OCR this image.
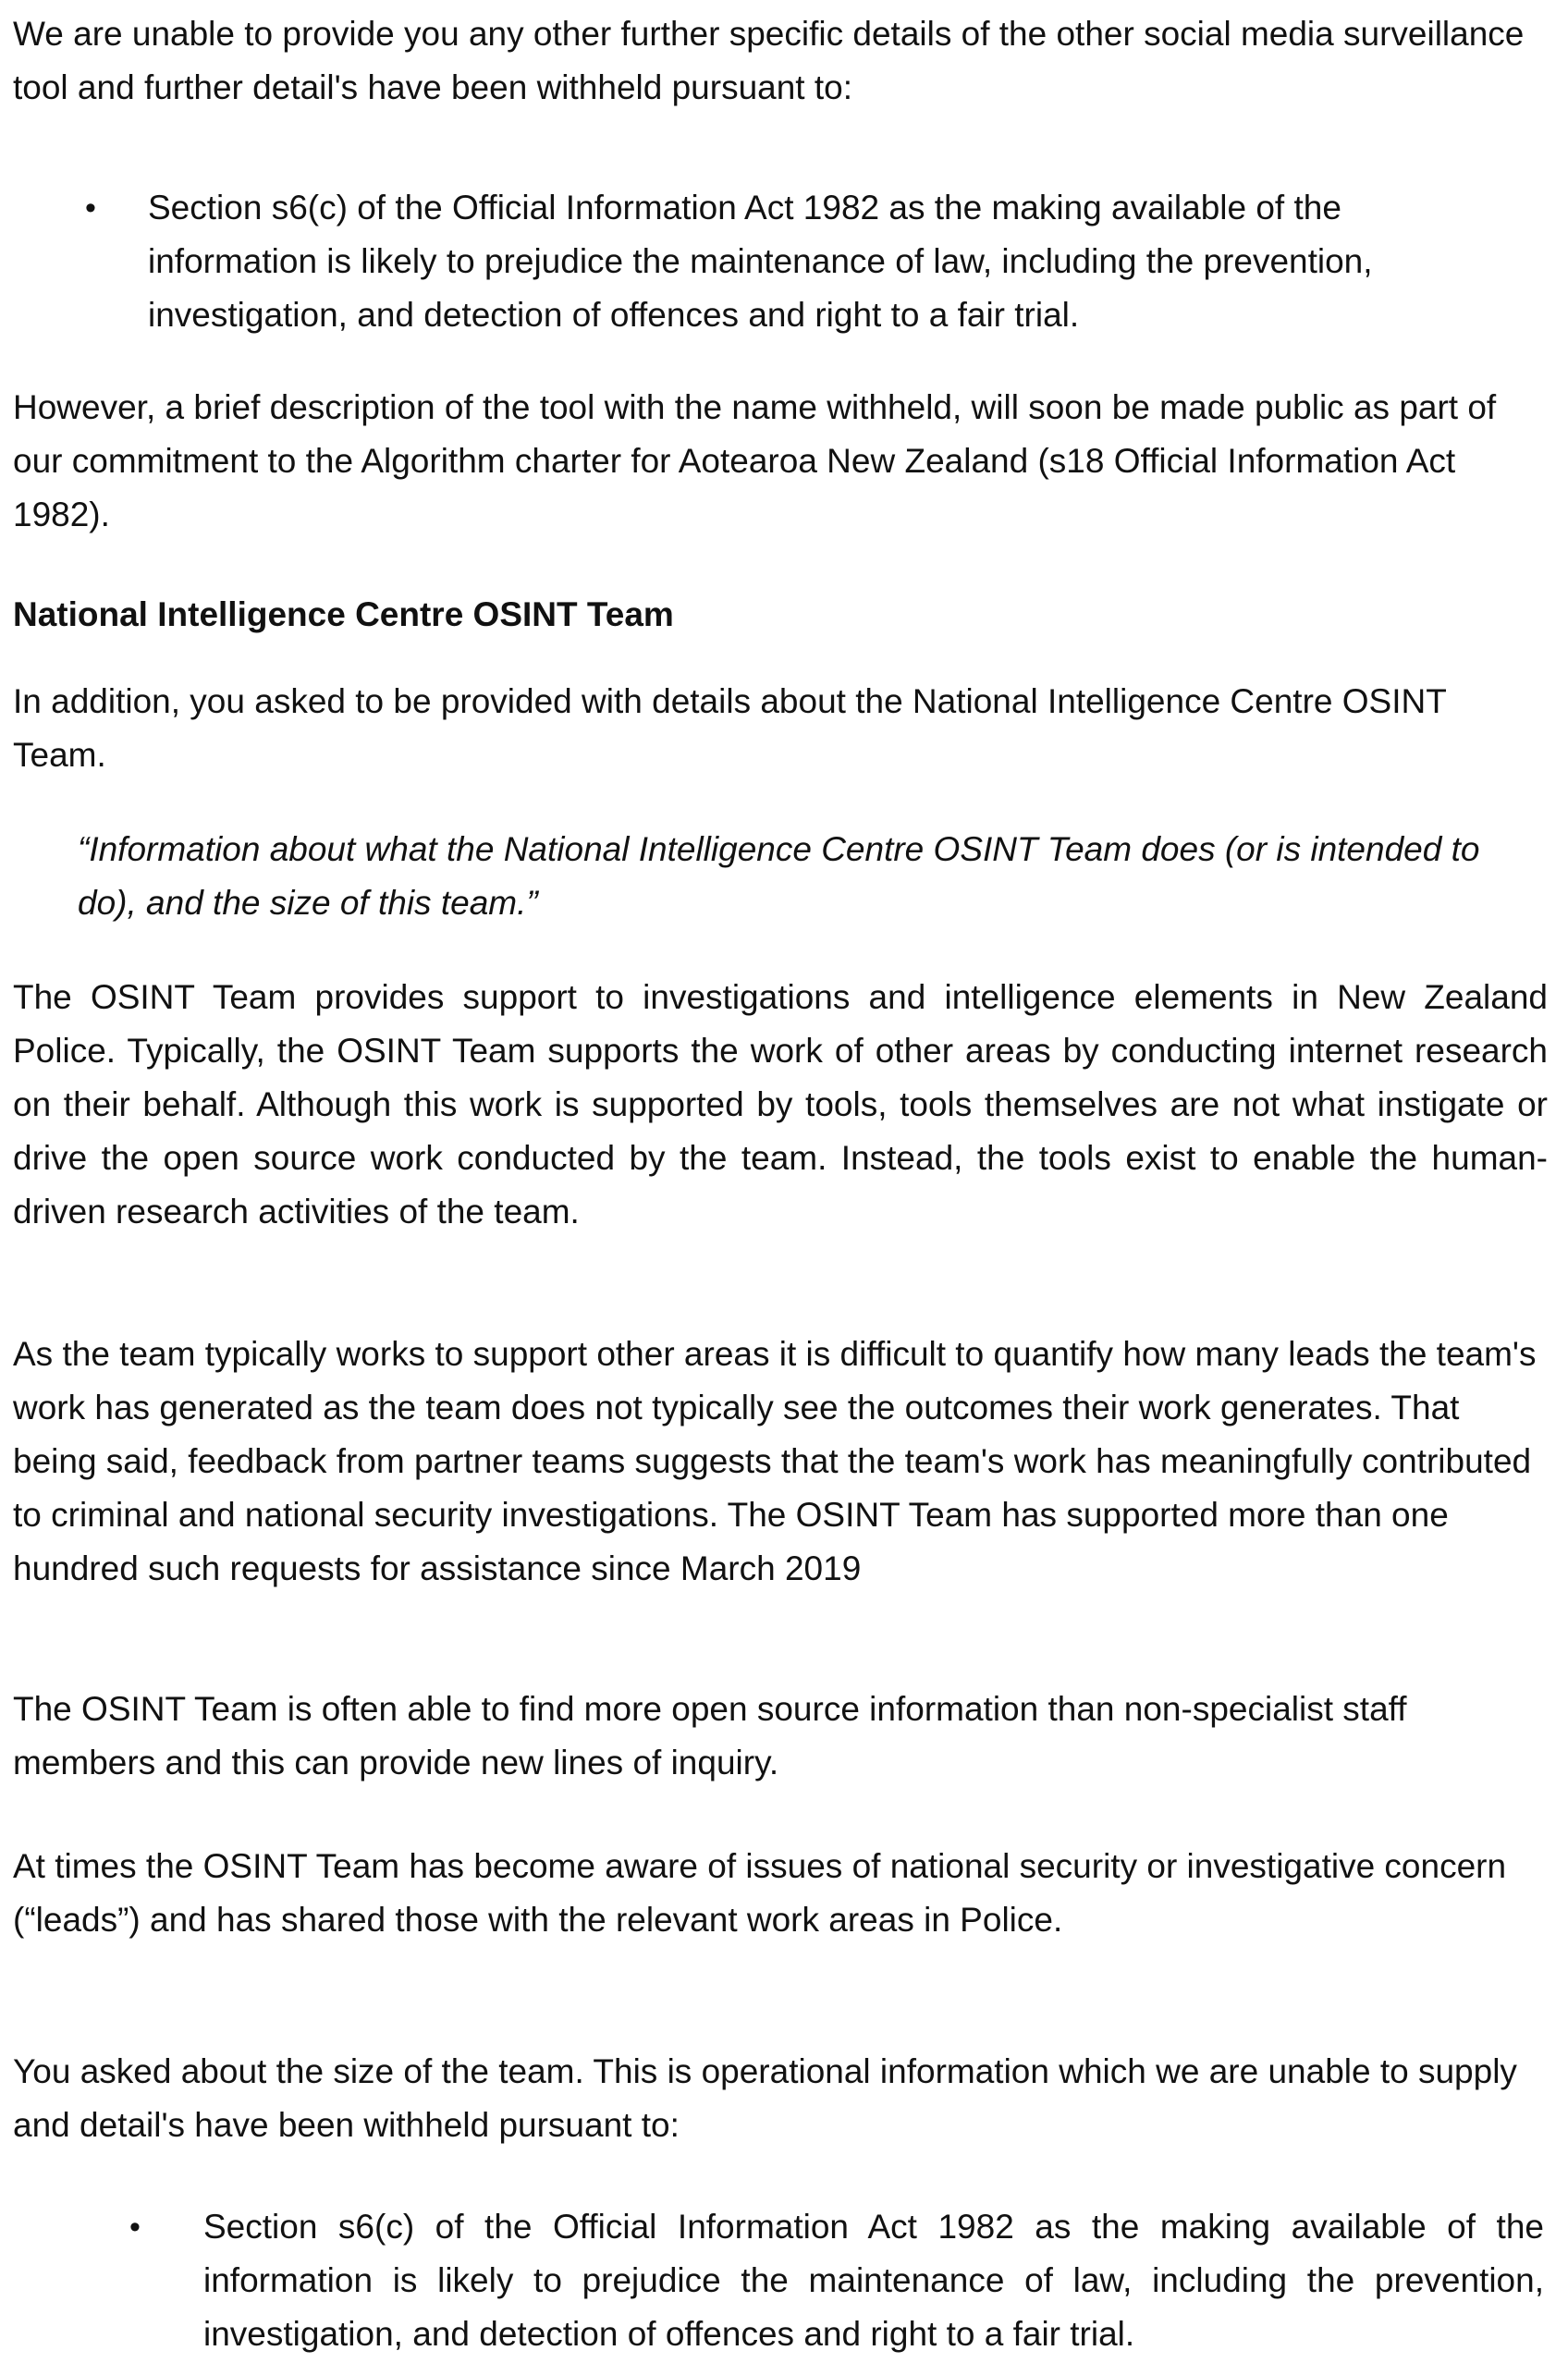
We are unable to provide you any other further specific details of the other social media surveillance tool and further detail's have been withheld pursuant to:

•	Section s6(c) of the Official Information Act 1982 as the making available of the information is likely to prejudice the maintenance of law, including the prevention, investigation, and detection of offences and right to a fair trial.

However, a brief description of the tool with the name withheld, will soon be made public as part of our commitment to the Algorithm charter for Aotearoa New Zealand (s18 Official Information Act 1982).

National Intelligence Centre OSINT Team

In addition, you asked to be provided with details about the National Intelligence Centre OSINT Team.

“Information about what the National Intelligence Centre OSINT Team does (or is intended to do), and the size of this team.”

The OSINT Team provides support to investigations and intelligence elements in New Zealand Police. Typically, the OSINT Team supports the work of other areas by conducting internet research on their behalf. Although this work is supported by tools, tools themselves are not what instigate or drive the open source work conducted by the team. Instead, the tools exist to enable the human-driven research activities of the team.

As the team typically works to support other areas it is difficult to quantify how many leads the team's work has generated as the team does not typically see the outcomes their work generates. That being said, feedback from partner teams suggests that the team's work has meaningfully contributed to criminal and national security investigations. The OSINT Team has supported more than one hundred such requests for assistance since March 2019

The OSINT Team is often able to find more open source information than non-specialist staff members and this can provide new lines of inquiry.

At times the OSINT Team has become aware of issues of national security or investigative concern (“leads”) and has shared those with the relevant work areas in Police.

You asked about the size of the team. This is operational information which we are unable to supply and detail's have been withheld pursuant to:

•	Section s6(c) of the Official Information Act 1982 as the making available of the information is likely to prejudice the maintenance of law, including the prevention, investigation, and detection of offences and right to a fair trial.
